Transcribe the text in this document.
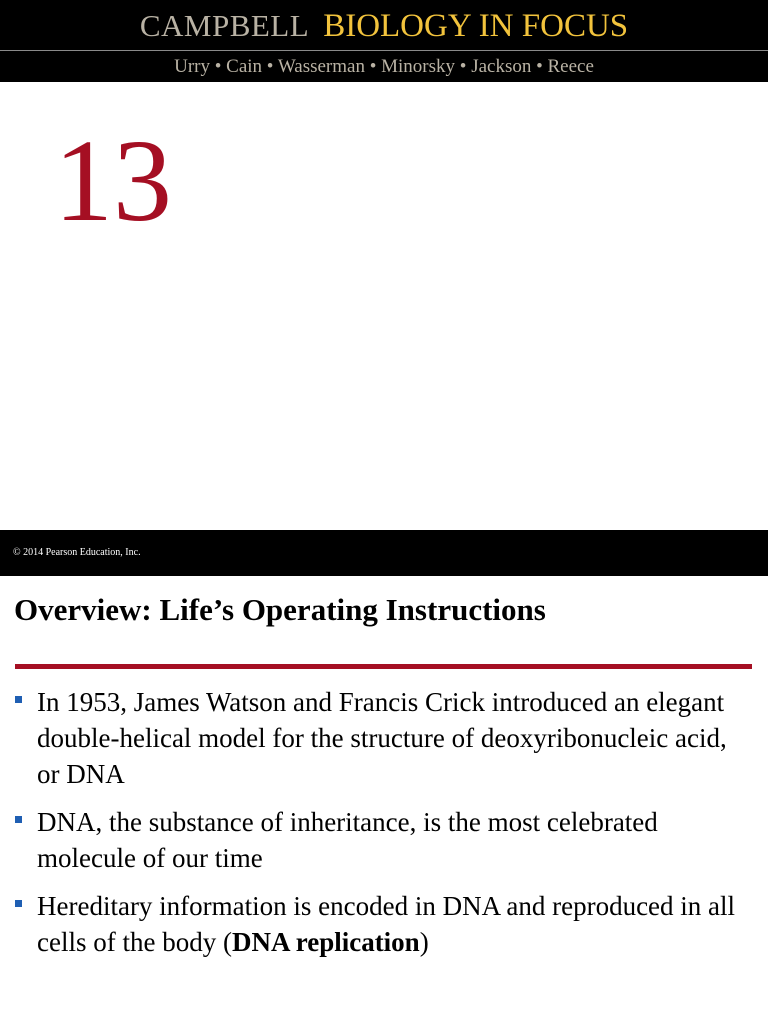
CAMPBELL BIOLOGY IN FOCUS
Urry • Cain • Wasserman • Minorsky • Jackson • Reece
13
© 2014 Pearson Education, Inc.
Overview: Life’s Operating Instructions
In 1953, James Watson and Francis Crick introduced an elegant double-helical model for the structure of deoxyribonucleic acid, or DNA
DNA, the substance of inheritance, is the most celebrated molecule of our time
Hereditary information is encoded in DNA and reproduced in all cells of the body (DNA replication)
